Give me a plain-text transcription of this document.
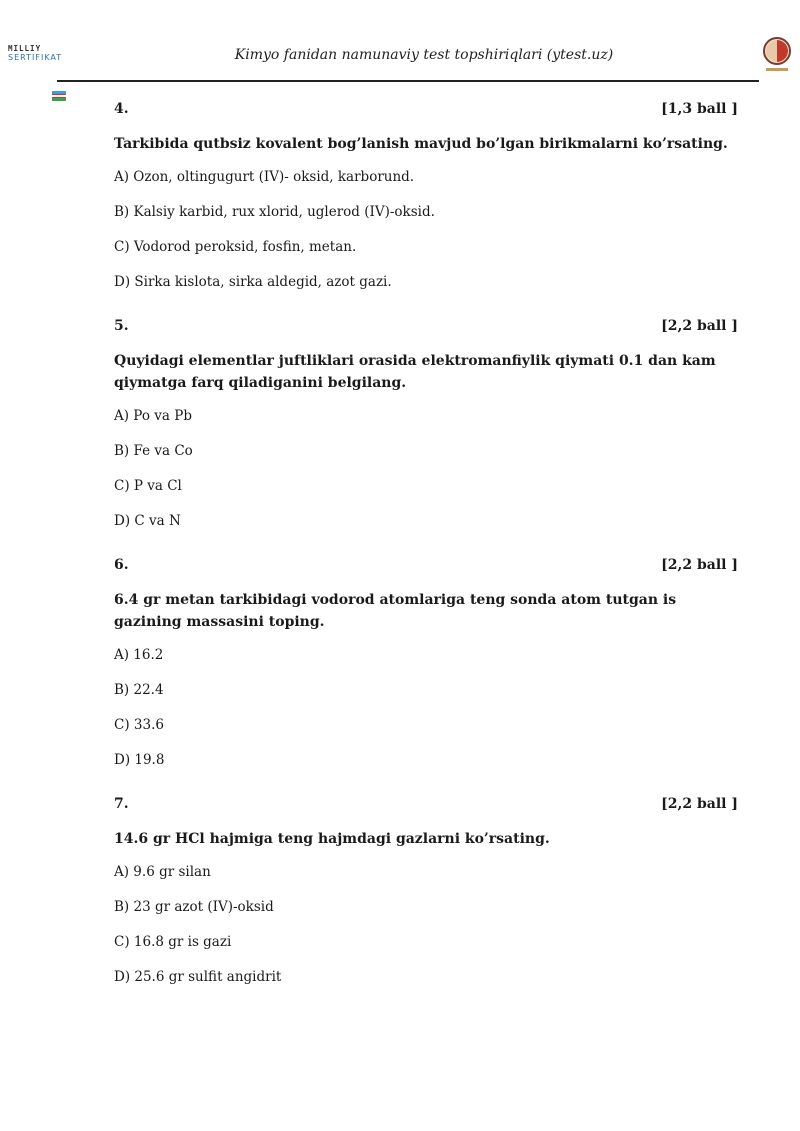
MILLIY
SERTIFIKAT	Kimyo fanidan namunaviy test topshiriqlari (ytest.uz)
4.	[1,3 ball ]
Tarkibida qutbsiz kovalent bog’lanish mavjud bo’lgan birikmalarni ko’rsating.
A) Ozon, oltingugurt (IV)- oksid, karborund.
B) Kalsiy karbid, rux xlorid, uglerod (IV)-oksid.
C) Vodorod peroksid, fosfin, metan.
D) Sirka kislota, sirka aldegid, azot gazi.
5.	[2,2 ball ]
Quyidagi elementlar juftliklari orasida elektromanfiylik qiymati 0.1 dan kam qiymatga farq qiladiganini belgilang.
A) Po va Pb
B) Fe va Co
C) P va Cl
D) C va N
6.	[2,2 ball ]
6.4 gr metan tarkibidagi vodorod atomlariga teng sonda atom tutgan is gazining massasini toping.
A) 16.2
B) 22.4
C) 33.6
D) 19.8
7.	[2,2 ball ]
14.6 gr HCl hajmiga teng hajmdagi gazlarni ko’rsating.
A) 9.6 gr silan
B) 23 gr azot (IV)-oksid
C) 16.8 gr is gazi
D) 25.6 gr sulfit angidrit
